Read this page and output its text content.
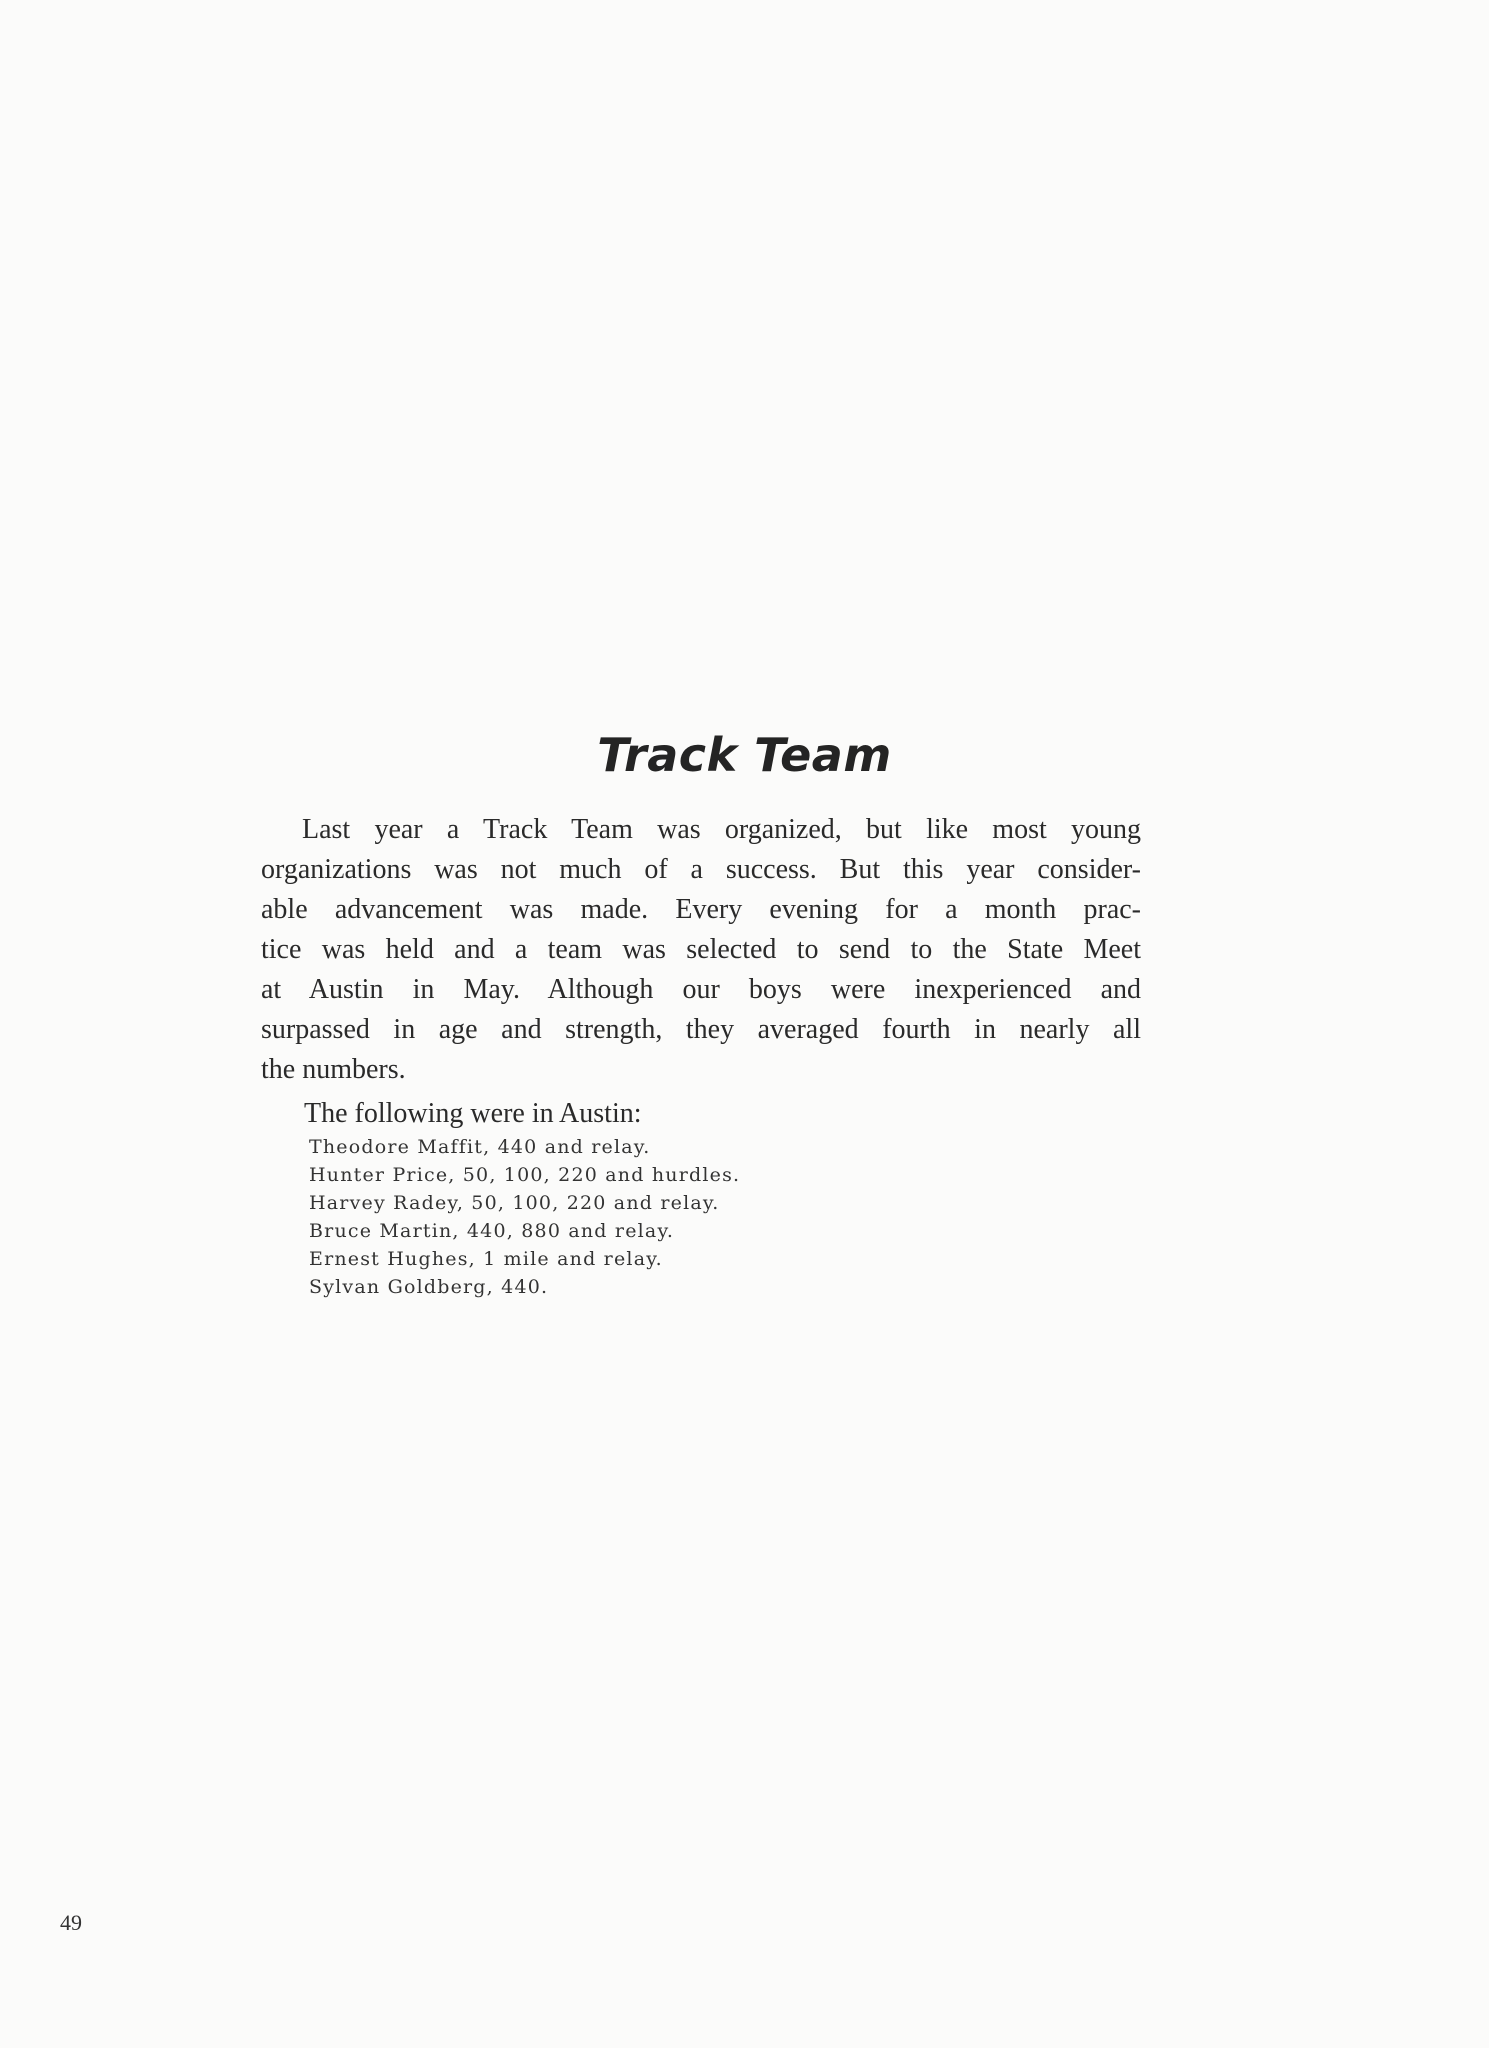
Track Team
Last year a Track Team was organized, but like most young
organizations was not much of a success. But this year consider-
able advancement was made. Every evening for a month prac-
tice was held and a team was selected to send to the State Meet
at Austin in May. Although our boys were inexperienced and
surpassed in age and strength, they averaged fourth in nearly all
the numbers.
The following were in Austin:
Theodore Maffit, 440 and relay.
Hunter Price, 50, 100, 220 and hurdles.
Harvey Radey, 50, 100, 220 and relay.
Bruce Martin, 440, 880 and relay.
Ernest Hughes, 1 mile and relay.
Sylvan Goldberg, 440.
49
